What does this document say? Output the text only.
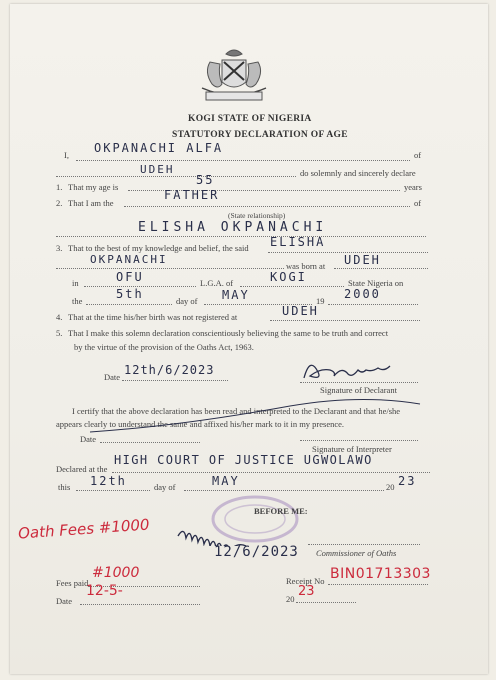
KOGI STATE OF NIGERIA
STATUTORY DECLARATION OF AGE
I, OKPANACHI ALFA	of
UDEH	do solemnly and sincerely declare
1. That my age is	55	years
2. That I am the
FATHER
of
(State relationship)
ELISHA OKPANACHI
3. That to the best of my knowledge and belief, the said ELISHA
OKPANACHI	was born at UDEH
in	OFU	L.G.A. of	KOGI	State Nigeria on
the	5th	day of MAY	19 2000
4. That at the time his/her birth was not registered at	UDEH
5. That I make this solemn declaration conscientiously believing the same to be truth and correct
by the virtue of the provision of the Oaths Act, 1963.
Date 12th/6/2023
Signature of Declarant
I certify that the above declaration has been read and interpreted to the Declarant and that he/she
appears clearly to understand the same and affixed his/her mark to it in my presence.
Date
Signature of Interpreter
Declared at the
HIGH COURT OF JUSTICE UGWOLAWO
this 12th	day of	MAY	20 23
BEFORE ME:
Oath Fees #1000
12/6/2023 Commissioner of Oaths
Fees paid
#1000	Receipt No BIN01713303
Date
12-5-	20 23
